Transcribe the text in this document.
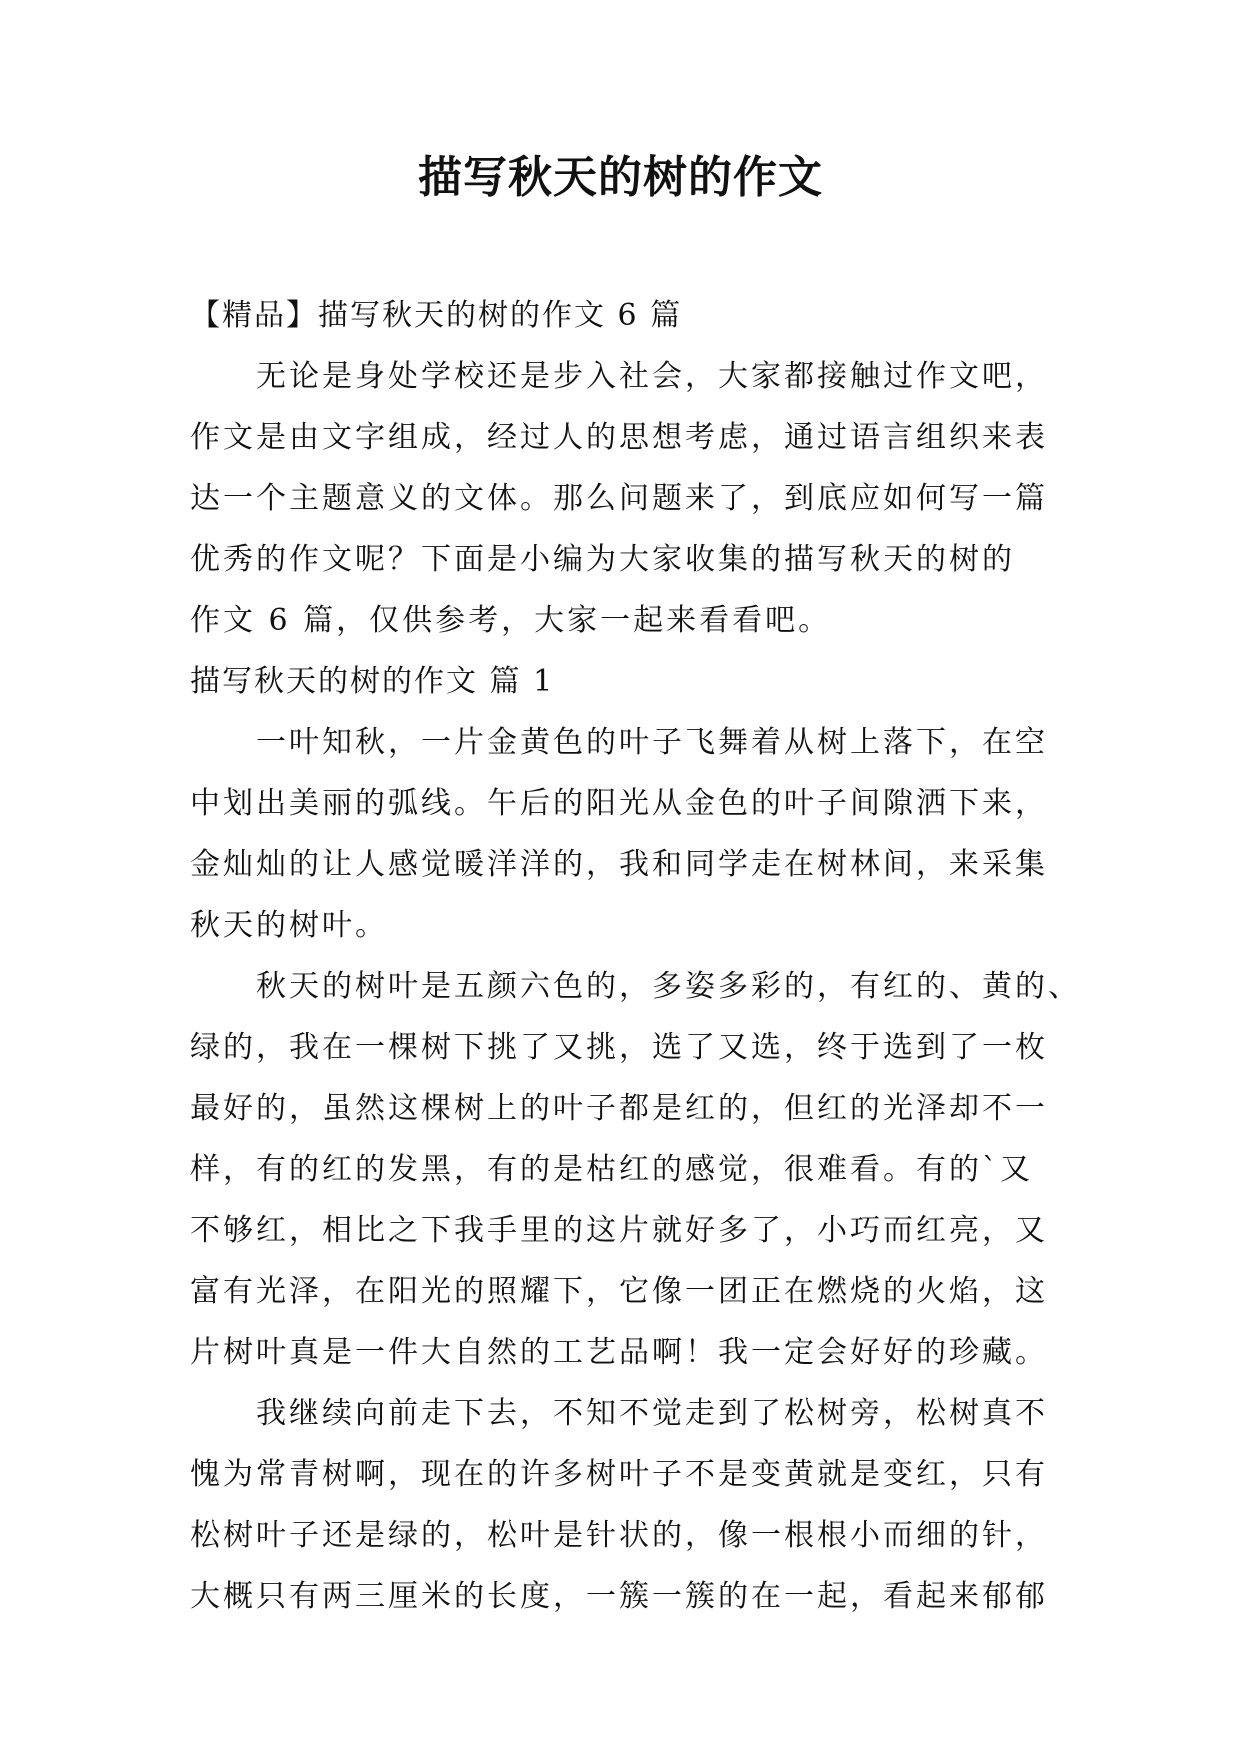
描写秋天的树的作文
【精品】描写秋天的树的作文 6 篇
　　无论是身处学校还是步入社会，大家都接触过作文吧，
作文是由文字组成，经过人的思想考虑，通过语言组织来表
达一个主题意义的文体。那么问题来了，到底应如何写一篇
优秀的作文呢？下面是小编为大家收集的描写秋天的树的
作文 6 篇，仅供参考，大家一起来看看吧。
描写秋天的树的作文 篇 1
　　一叶知秋，一片金黄色的叶子飞舞着从树上落下，在空
中划出美丽的弧线。午后的阳光从金色的叶子间隙洒下来，
金灿灿的让人感觉暖洋洋的，我和同学走在树林间，来采集
秋天的树叶。
　　秋天的树叶是五颜六色的，多姿多彩的，有红的、黄的、
绿的，我在一棵树下挑了又挑，选了又选，终于选到了一枚
最好的，虽然这棵树上的叶子都是红的，但红的光泽却不一
样，有的红的发黑，有的是枯红的感觉，很难看。有的`又
不够红，相比之下我手里的这片就好多了，小巧而红亮，又
富有光泽，在阳光的照耀下，它像一团正在燃烧的火焰，这
片树叶真是一件大自然的工艺品啊！我一定会好好的珍藏。
　　我继续向前走下去，不知不觉走到了松树旁，松树真不
愧为常青树啊，现在的许多树叶子不是变黄就是变红，只有
松树叶子还是绿的，松叶是针状的，像一根根小而细的针，
大概只有两三厘米的长度，一簇一簇的在一起，看起来郁郁
